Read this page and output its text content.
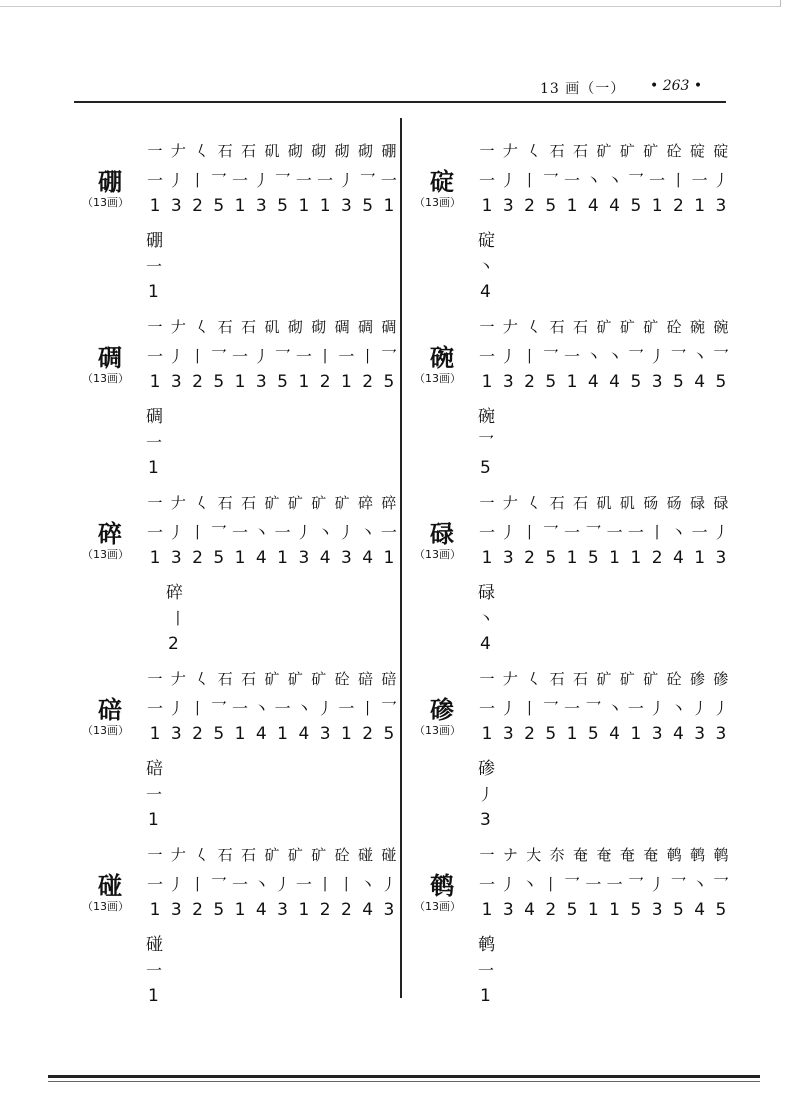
13 画（一） • 263 •
硼
（13画）
一 𠂇 𡿨 石 石 矶 砌 砌 砌 砌 硼
一 丿 丨 乛 一 丿 乛 一 一 丿 乛 一
1 3 2 5 1 3 5 1 1 3 5 1
硼
一
1
碉
（13画）
一 𠂇 𡿨 石 石 矶 砌 砌 碉 碉 碉
一 丿 丨 乛 一 丿 乛 一 丨 一 丨 乛
1 3 2 5 1 3 5 1 2 1 2 5
碉
一
1
碎
（13画）
一 𠂇 𡿨 石 石 矿 矿 矿 矿 碎 碎
一 丿 丨 乛 一 丶 一 丿 丶 丿 丶 一
1 3 2 5 1 4 1 3 4 3 4 1
碎
丨
2
碚
（13画）
一 𠂇 𡿨 石 石 矿 矿 矿 砼 碚 碚
一 丿 丨 乛 一 丶 一 丶 丿 一 丨 乛
1 3 2 5 1 4 1 4 3 1 2 5
碚
一
1
碰
（13画）
一 𠂇 𡿨 石 石 矿 矿 矿 砼 碰 碰
一 丿 丨 乛 一 丶 丿 一 丨 丨 丶 丿
1 3 2 5 1 4 3 1 2 2 4 3
碰
一
1
碇
（13画）
一 𠂇 𡿨 石 石 矿 矿 矿 砼 碇 碇
一 丿 丨 乛 一 丶 丶 乛 一 丨 一 丿
1 3 2 5 1 4 4 5 1 2 1 3
碇
丶
4
碗
（13画）
一 𠂇 𡿨 石 石 矿 矿 矿 砼 碗 碗
一 丿 丨 乛 一 丶 丶 乛 丿 乛 丶 乛
1 3 2 5 1 4 4 5 3 5 4 5
碗
乛
5
碌
（13画）
一 𠂇 𡿨 石 石 矶 矶 砀 砀 碌 碌
一 丿 丨 乛 一 乛 一 一 丨 丶 一 丿
1 3 2 5 1 5 1 1 2 4 1 3
碌
丶
4
碜
（13画）
一 𠂇 𡿨 石 石 矿 矿 矿 砼 碜 碜
一 丿 丨 乛 一 乛 丶 一 丿 丶 丿 丿
1 3 2 5 1 5 4 1 3 4 3 3
碜
丿
3
鹌
（13画）
一 ナ 大 夵 奄 奄 奄 奄 鹌 鹌 鹌
一 丿 丶 丨 乛 一 一 乛 丿 乛 丶 乛
1 3 4 2 5 1 1 5 3 5 4 5
鹌
一
1
